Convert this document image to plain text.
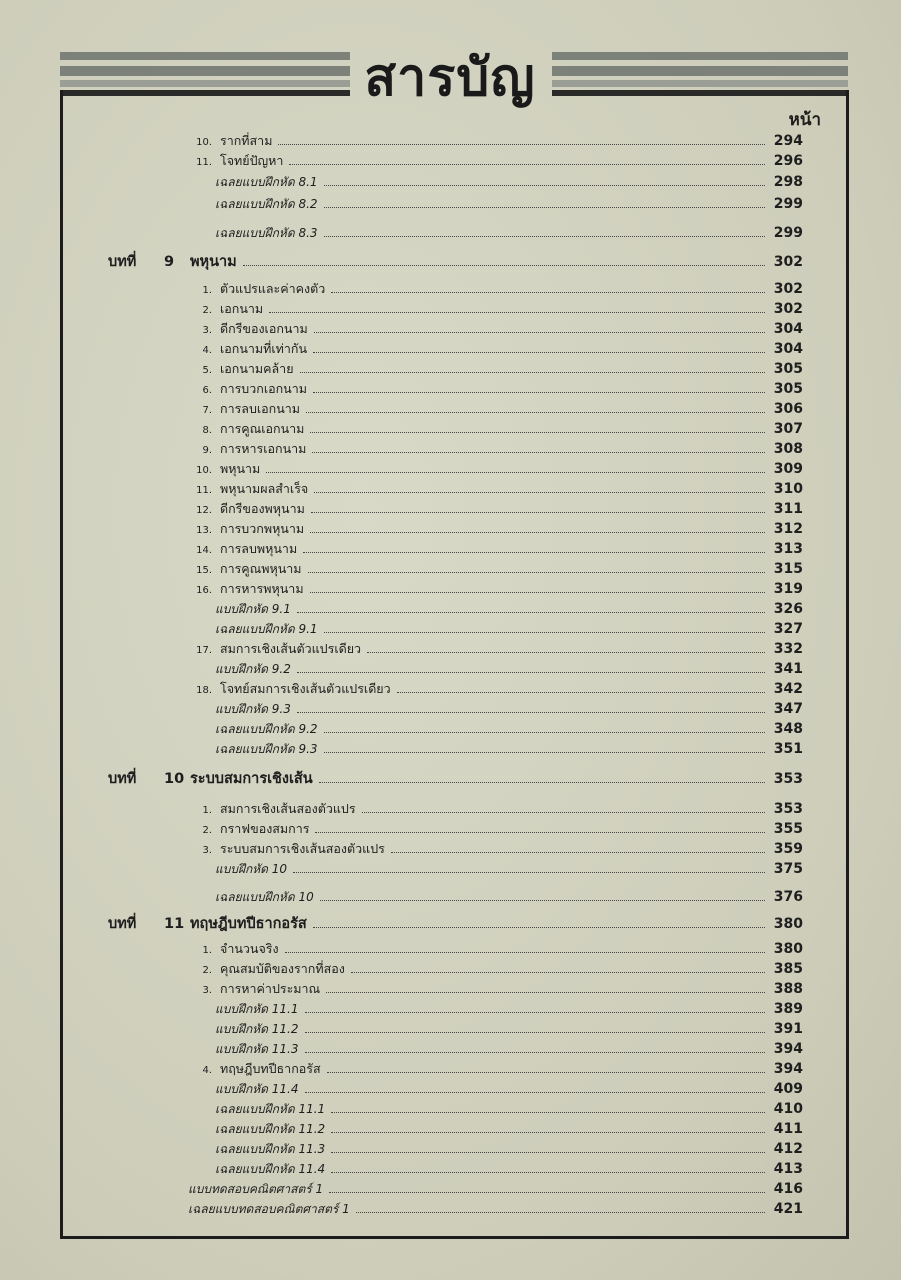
สารบัญ
หน้า
10. รากที่สาม	294
11. โจทย์ปัญหา	296
เฉลยแบบฝึกหัด 8.1	298
เฉลยแบบฝึกหัด 8.2	299
เฉลยแบบฝึกหัด 8.3	299
บทที่ 9 พหุนาม	302
1. ตัวแปรและค่าคงตัว	302
2. เอกนาม	302
3. ดีกรีของเอกนาม	304
4. เอกนามที่เท่ากัน	304
5. เอกนามคล้าย	305
6. การบวกเอกนาม	305
7. การลบเอกนาม	306
8. การคูณเอกนาม	307
9. การหารเอกนาม	308
10. พหุนาม	309
11. พหุนามผลสำเร็จ	310
12. ดีกรีของพหุนาม	311
13. การบวกพหุนาม	312
14. การลบพหุนาม	313
15. การคูณพหุนาม	315
16. การหารพหุนาม	319
แบบฝึกหัด 9.1	326
เฉลยแบบฝึกหัด 9.1	327
17. สมการเชิงเส้นตัวแปรเดียว	332
แบบฝึกหัด 9.2	341
18. โจทย์สมการเชิงเส้นตัวแปรเดียว	342
แบบฝึกหัด 9.3	347
เฉลยแบบฝึกหัด 9.2	348
เฉลยแบบฝึกหัด 9.3	351
บทที่ 10 ระบบสมการเชิงเส้น	353
1. สมการเชิงเส้นสองตัวแปร	353
2. กราฟของสมการ	355
3. ระบบสมการเชิงเส้นสองตัวแปร	359
แบบฝึกหัด 10	375
เฉลยแบบฝึกหัด 10	376
บทที่ 11 ทฤษฎีบทปีธากอรัส	380
1. จำนวนจริง	380
2. คุณสมบัติของรากที่สอง	385
3. การหาค่าประมาณ	388
แบบฝึกหัด 11.1	389
แบบฝึกหัด 11.2	391
แบบฝึกหัด 11.3	394
4. ทฤษฎีบทปีธากอรัส	394
แบบฝึกหัด 11.4	409
เฉลยแบบฝึกหัด 11.1	410
เฉลยแบบฝึกหัด 11.2	411
เฉลยแบบฝึกหัด 11.3	412
เฉลยแบบฝึกหัด 11.4	413
แบบทดสอบคณิตศาสตร์ 1	416
เฉลยแบบทดสอบคณิตศาสตร์ 1	421
